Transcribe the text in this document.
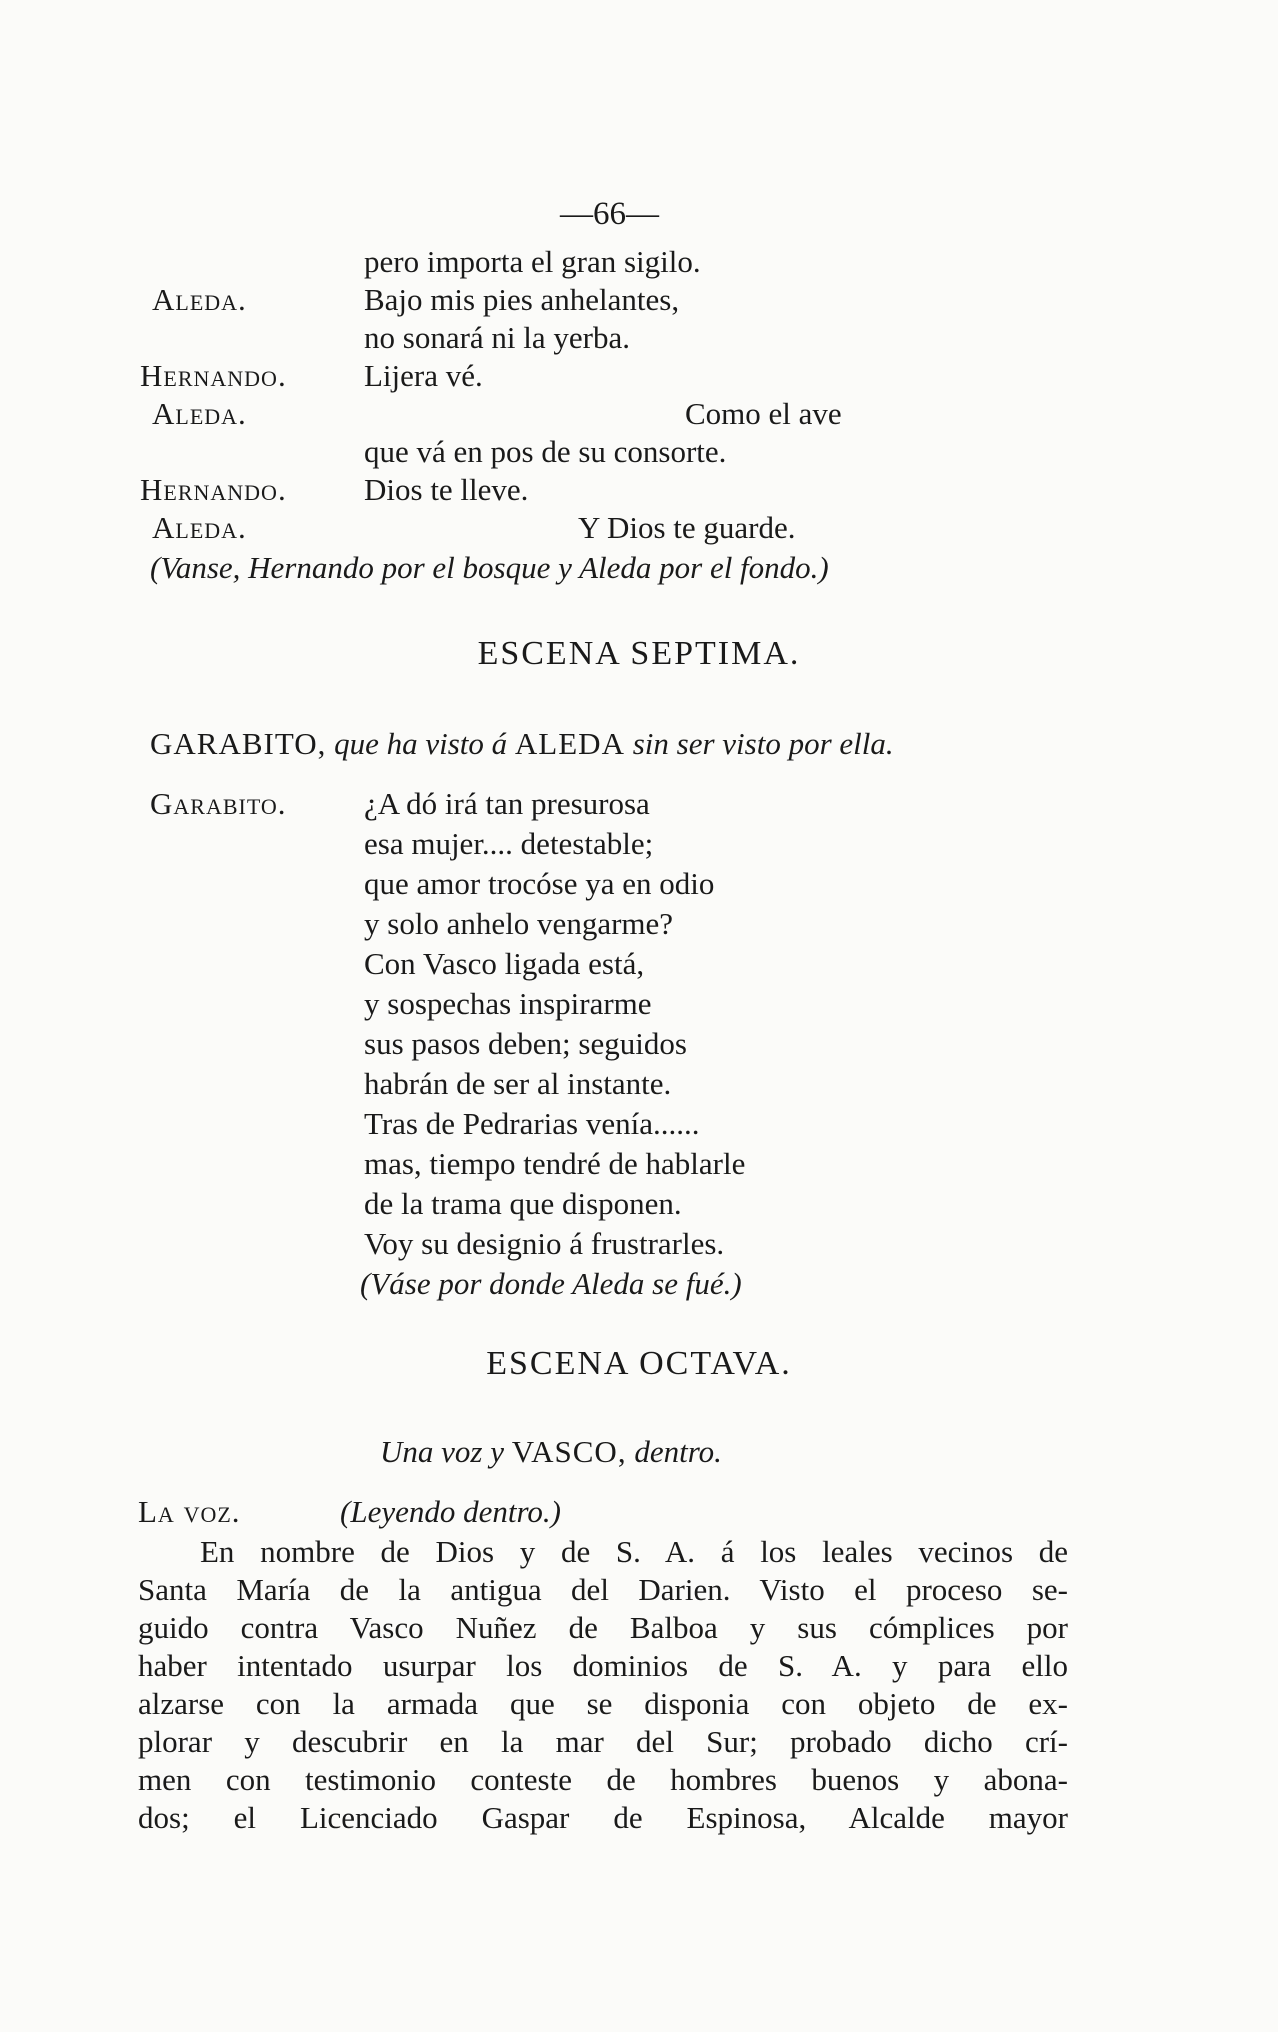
—66—
pero importa el gran sigilo.
Aleda.	Bajo mis pies anhelantes,
no sonará ni la yerba.
Hernando. Lijera vé.
Aleda.	Como el ave
que vá en pos de su consorte.
Hernando. Dios te lleve.
Aleda.	Y Dios te guarde.
(Vanse, Hernando por el bosque y Aleda por el fondo.)
ESCENA SEPTIMA.
GARABITO, que ha visto á ALEDA sin ser visto por ella.
Garabito. ¿A dó irá tan presurosa
esa mujer.... detestable;
que amor trocóse ya en odio
y solo anhelo vengarme?
Con Vasco ligada está,
y sospechas inspirarme
sus pasos deben; seguidos
habrán de ser al instante.
Tras de Pedrarias venía......
mas, tiempo tendré de hablarle
de la trama que disponen.
Voy su designio á frustrarles.
(Váse por donde Aleda se fué.)
ESCENA OCTAVA.
Una voz y VASCO, dentro.
La voz.	(Leyendo dentro.)
En nombre de Dios y de S. A. á los leales vecinos de
Santa María de la antigua del Darien. Visto el proceso se-
guido contra Vasco Nuñez de Balboa y sus cómplices por
haber intentado usurpar los dominios de S. A. y para ello
alzarse con la armada que se disponia con objeto de ex-
plorar y descubrir en la mar del Sur; probado dicho crí-
men con testimonio conteste de hombres buenos y abona-
dos; el Licenciado Gaspar de Espinosa, Alcalde mayor
